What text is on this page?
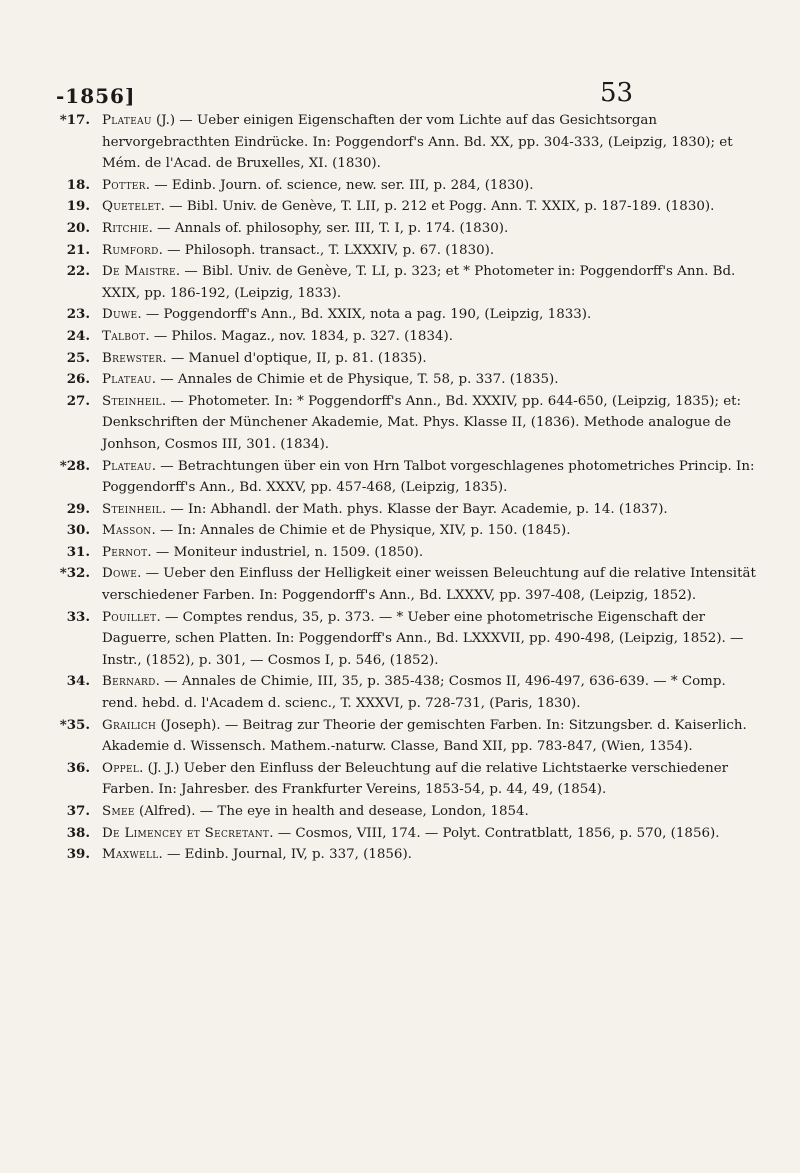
-1856]	53

*17. Plateau (J.) — Ueber einigen Eigenschaften der vom Lichte auf das Gesichtsorgan hervorgebracthten Eindrücke. In: Poggendorf's Ann. Bd. XX, pp. 304-333, (Leipzig, 1830); et Mém. de l'Acad. de Bruxelles, XI. (1830).

18. Potter. — Edinb. Journ. of. science, new. ser. III, p. 284, (1830).

19. Quetelet. — Bibl. Univ. de Genève, T. LII, p. 212 et Pogg. Ann. T. XXIX, p. 187-189. (1830).

20. Ritchie. — Annals of. philosophy, ser. III, T. I, p. 174. (1830).

21. Rumford. — Philosoph. transact., T. LXXXIV, p. 67. (1830).

22. De Maistre. — Bibl. Univ. de Genève, T. LI, p. 323; et * Photometer in: Poggendorff's Ann. Bd. XXIX, pp. 186-192, (Leipzig, 1833).

23. Duwe. — Poggendorff's Ann., Bd. XXIX, nota a pag. 190, (Leipzig, 1833).

24. Talbot. — Philos. Magaz., nov. 1834, p. 327. (1834).

25. Brewster. — Manuel d'optique, II, p. 81. (1835).

26. Plateau. — Annales de Chimie et de Physique, T. 58, p. 337. (1835).

27. Steinheil. — Photometer. In: * Poggendorff's Ann., Bd. XXXIV, pp. 644-650, (Leipzig, 1835); et: Denkschriften der Münchener Akademie, Mat. Phys. Klasse II, (1836). Methode analogue de Jonhson, Cosmos III, 301. (1834).

*28. Plateau. — Betrachtungen über ein von Hrn Talbot vorgeschlagenes photometriches Princip. In: Poggendorff's Ann., Bd. XXXV, pp. 457-468, (Leipzig, 1835).

29. Steinheil. — In: Abhandl. der Math. phys. Klasse der Bayr. Academie, p. 14. (1837).

30. Masson. — In: Annales de Chimie et de Physique, XIV, p. 150. (1845).

31. Pernot. — Moniteur industriel, n. 1509. (1850).

*32. Dowe. — Ueber den Einfluss der Helligkeit einer weissen Beleuchtung auf die relative Intensität verschiedener Farben. In: Poggendorff's Ann., Bd. LXXXV, pp. 397-408, (Leipzig, 1852).

33. Pouillet. — Comptes rendus, 35, p. 373. — * Ueber eine photometrische Eigenschaft der Daguerre, schen Platten. In: Poggendorff's Ann., Bd. LXXXVII, pp. 490-498, (Leipzig, 1852). — Instr., (1852), p. 301, — Cosmos I, p. 546, (1852).

34. Bernard. — Annales de Chimie, III, 35, p. 385-438; Cosmos II, 496-497, 636-639. — * Comp. rend. hebd. d. l'Academ d. scienc., T. XXXVI, p. 728-731, (Paris, 1830).

*35. Grailich (Joseph). — Beitrag zur Theorie der gemischten Farben. In: Sitzungsber. d. Kaiserlich. Akademie d. Wissensch. Mathem.-naturw. Classe, Band XII, pp. 783-847, (Wien, 1354).

36. Oppel. (J. J.) Ueber den Einfluss der Beleuchtung auf die relative Lichtstaerke verschiedener Farben. In: Jahresber. des Frankfurter Vereins, 1853-54, p. 44, 49, (1854).

37. Smee (Alfred). — The eye in health and desease, London, 1854.

38. De Limencey et Secretant. — Cosmos, VIII, 174. — Polyt. Contratblatt, 1856, p. 570, (1856).

39. Maxwell. — Edinb. Journal, IV, p. 337, (1856).
